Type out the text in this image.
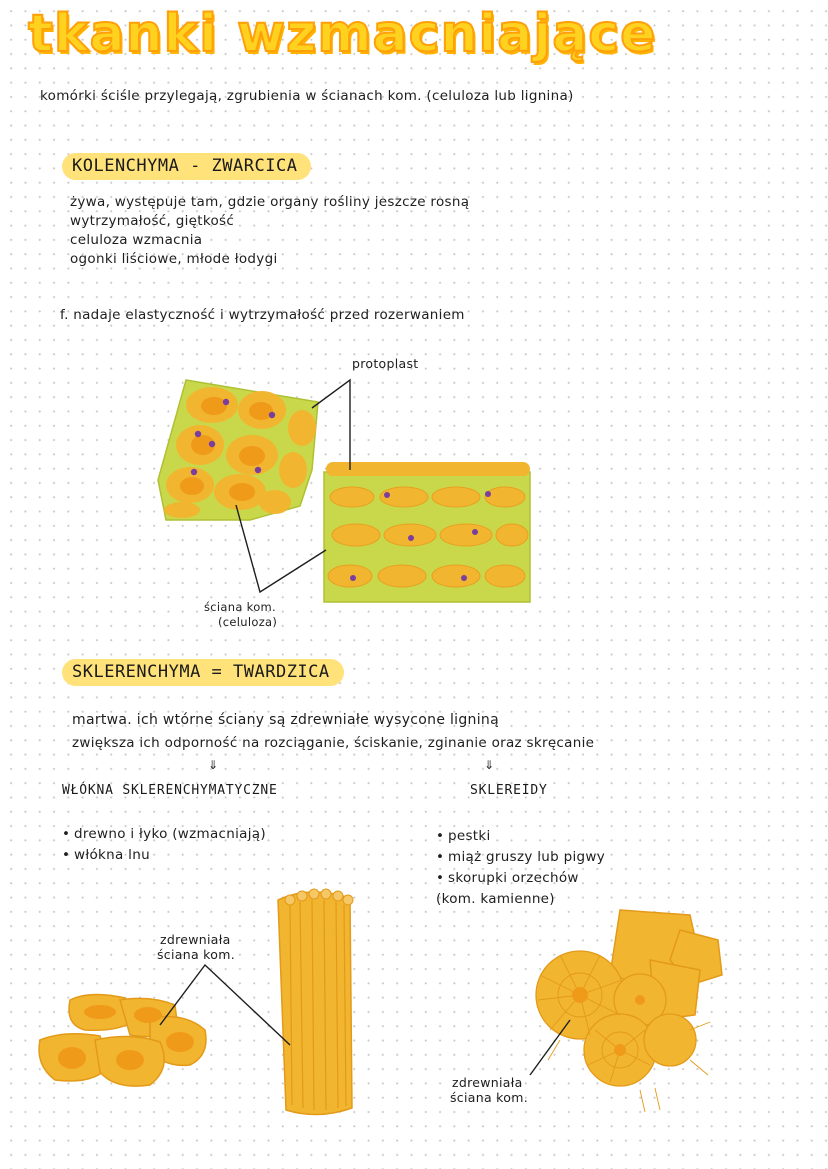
tkanki wzmacniające
komórki ściśle przylegają, zgrubienia w ścianach kom. (celuloza lub lignina)
KOLENCHYMA - ZWARCICA
żywa, występuje tam, gdzie organy rośliny jeszcze rosną
wytrzymałość, giętkość
celuloza wzmacnia
ogonki liściowe, młode łodygi
f. nadaje elastyczność i wytrzymałość przed rozerwaniem
protoplast
ściana kom.
(celuloza)
SKLERENCHYMA = TWARDZICA
martwa. ich wtórne ściany są zdrewniałe wysycone ligniną
zwiększa ich odporność na rozciąganie, ściskanie, zginanie oraz skręcanie
⇓	⇓
WŁÓKNA SKLERENCHYMATYCZNE
• drewno i łyko (wzmacniają)
• włókna lnu
SKLEREIDY
• pestki
• miąż gruszy lub pigwy
• skorupki orzechów
(kom. kamienne)
zdrewniała
ściana kom.
zdrewniała
ściana kom.
